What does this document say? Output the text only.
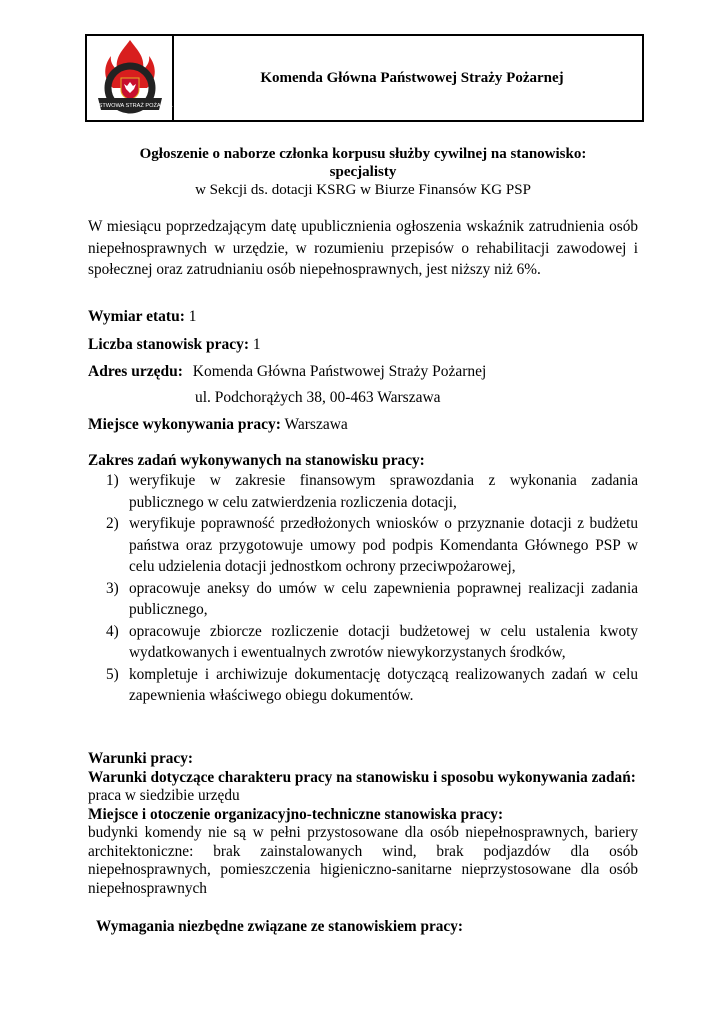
PAŃSTWOWA STRAŻ POŻARNA
Komenda Główna Państwowej Straży Pożarnej
Ogłoszenie o naborze członka korpusu służby cywilnej na stanowisko:
specjalisty
w Sekcji ds. dotacji KSRG w Biurze Finansów KG PSP
W miesiącu poprzedzającym datę upublicznienia ogłoszenia wskaźnik zatrudnienia osób niepełnosprawnych w urzędzie, w rozumieniu przepisów o rehabilitacji zawodowej i społecznej oraz zatrudnianiu osób niepełnosprawnych, jest niższy niż 6%.
Wymiar etatu: 1
Liczba stanowisk pracy: 1
Adres urzędu: Komenda Główna Państwowej Straży Pożarnej
ul. Podchorążych 38, 00-463 Warszawa
Miejsce wykonywania pracy: Warszawa
Zakres zadań wykonywanych na stanowisku pracy:
1) weryfikuje w zakresie finansowym sprawozdania z wykonania zadania publicznego w celu zatwierdzenia rozliczenia dotacji,
2) weryfikuje poprawność przedłożonych wniosków o przyznanie dotacji z budżetu państwa oraz przygotowuje umowy pod podpis Komendanta Głównego PSP w celu udzielenia dotacji jednostkom ochrony przeciwpożarowej,
3) opracowuje aneksy do umów w celu zapewnienia poprawnej realizacji zadania publicznego,
4) opracowuje zbiorcze rozliczenie dotacji budżetowej w celu ustalenia kwoty wydatkowanych i ewentualnych zwrotów niewykorzystanych środków,
5) kompletuje i archiwizuje dokumentację dotyczącą realizowanych zadań w celu zapewnienia właściwego obiegu dokumentów.
Warunki pracy:
Warunki dotyczące charakteru pracy na stanowisku i sposobu wykonywania zadań:
praca w siedzibie urzędu
Miejsce i otoczenie organizacyjno-techniczne stanowiska pracy:
budynki komendy nie są w pełni przystosowane dla osób niepełnosprawnych, bariery architektoniczne: brak zainstalowanych wind, brak podjazdów dla osób niepełnosprawnych, pomieszczenia higieniczno-sanitarne nieprzystosowane dla osób niepełnosprawnych
Wymagania niezbędne związane ze stanowiskiem pracy:
